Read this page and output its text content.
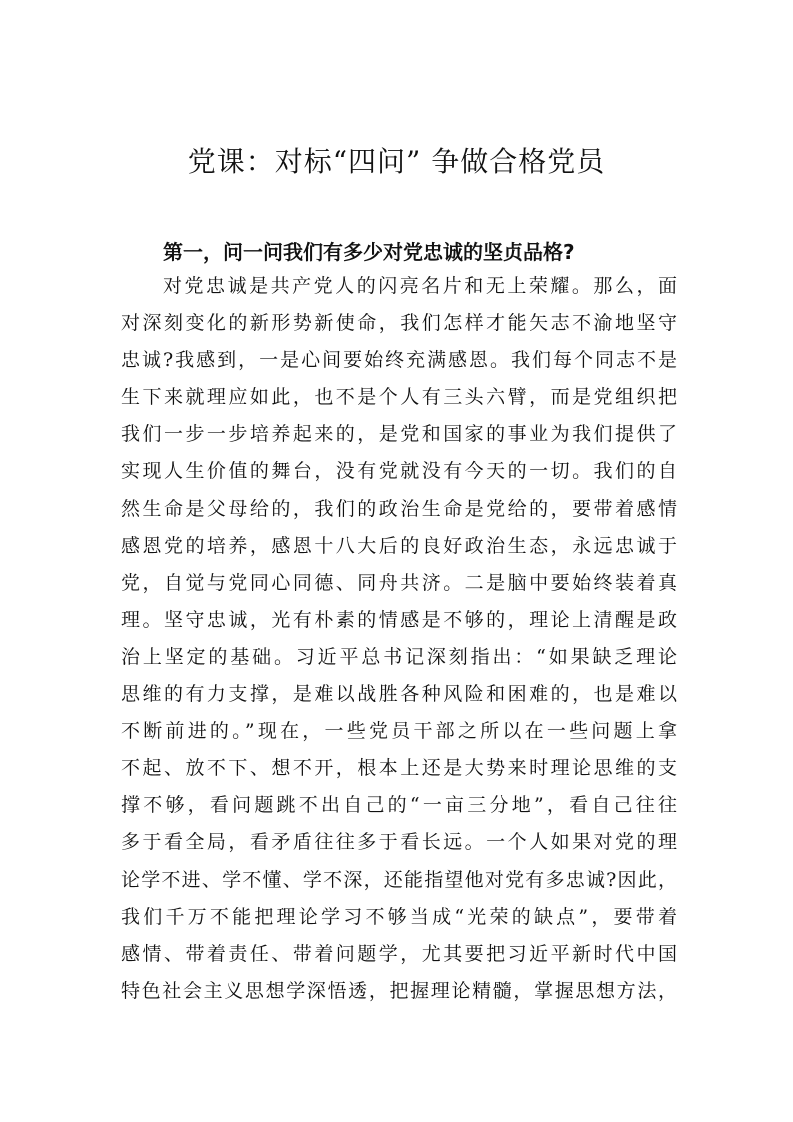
党课：对标“四问” 争做合格党员
第一，问一问我们有多少对党忠诚的坚贞品格?
对党忠诚是共产党人的闪亮名片和无上荣耀。那么，面
对深刻变化的新形势新使命，我们怎样才能矢志不渝地坚守
忠诚?我感到，一是心间要始终充满感恩。我们每个同志不是
生下来就理应如此，也不是个人有三头六臂，而是党组织把
我们一步一步培养起来的，是党和国家的事业为我们提供了
实现人生价值的舞台，没有党就没有今天的一切。我们的自
然生命是父母给的，我们的政治生命是党给的，要带着感情
感恩党的培养，感恩十八大后的良好政治生态，永远忠诚于
党，自觉与党同心同德、同舟共济。二是脑中要始终装着真
理。坚守忠诚，光有朴素的情感是不够的，理论上清醒是政
治上坚定的基础。习近平总书记深刻指出：“如果缺乏理论
思维的有力支撑，是难以战胜各种风险和困难的，也是难以
不断前进的。”现在，一些党员干部之所以在一些问题上拿
不起、放不下、想不开，根本上还是大势来时理论思维的支
撑不够，看问题跳不出自己的“一亩三分地”，看自己往往
多于看全局，看矛盾往往多于看长远。一个人如果对党的理
论学不进、学不懂、学不深，还能指望他对党有多忠诚?因此，
我们千万不能把理论学习不够当成“光荣的缺点”，要带着
感情、带着责任、带着问题学，尤其要把习近平新时代中国
特色社会主义思想学深悟透，把握理论精髓，掌握思想方法，
